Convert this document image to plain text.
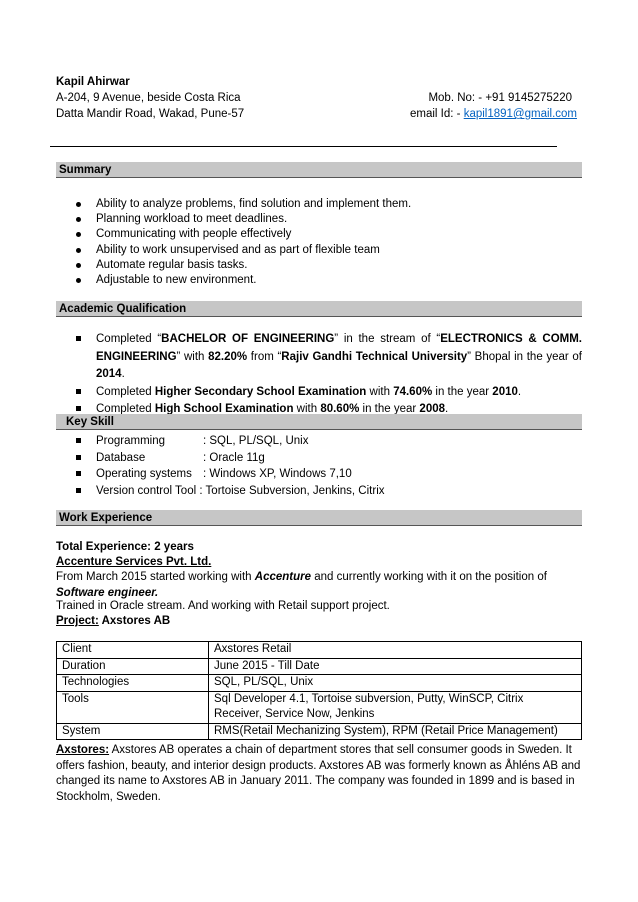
Kapil Ahirwar
A-204, 9 Avenue, beside Costa Rica
Datta Mandir Road, Wakad, Pune-57
Mob. No: - +91 9145275220
email Id: - kapil1891@gmail.com
Summary
Ability to analyze problems, find solution and implement them.
Planning workload to meet deadlines.
Communicating with people effectively
Ability to work unsupervised and as part of flexible team
Automate regular basis tasks.
Adjustable to new environment.
Academic Qualification
Completed “BACHELOR OF ENGINEERING” in the stream of “ELECTRONICS & COMM. ENGINEERING” with 82.20% from “Rajiv Gandhi Technical University” Bhopal in the year of 2014.
Completed Higher Secondary School Examination with 74.60% in the year 2010.
Completed High School Examination with 80.60% in the year 2008.
Key Skill
Programming	: SQL, PL/SQL, Unix
Database	: Oracle 11g
Operating systems : Windows XP, Windows 7,10
Version control Tool : Tortoise Subversion, Jenkins, Citrix
Work Experience
Total Experience: 2 years
Accenture Services Pvt. Ltd.
From March 2015 started working with Accenture and currently working with it on the position of Software engineer.
Trained in Oracle stream. And working with Retail support project.
Project: Axstores AB
Client	Axstores Retail
Duration	June 2015 - Till Date
Technologies	SQL, PL/SQL, Unix
Tools	Sql Developer 4.1, Tortoise subversion, Putty, WinSCP, Citrix Receiver, Service Now, Jenkins
System	RMS(Retail Mechanizing System), RPM (Retail Price Management)
Axstores: Axstores AB operates a chain of department stores that sell consumer goods in Sweden. It offers fashion, beauty, and interior design products. Axstores AB was formerly known as Åhléns AB and changed its name to Axstores AB in January 2011. The company was founded in 1899 and is based in Stockholm, Sweden.
